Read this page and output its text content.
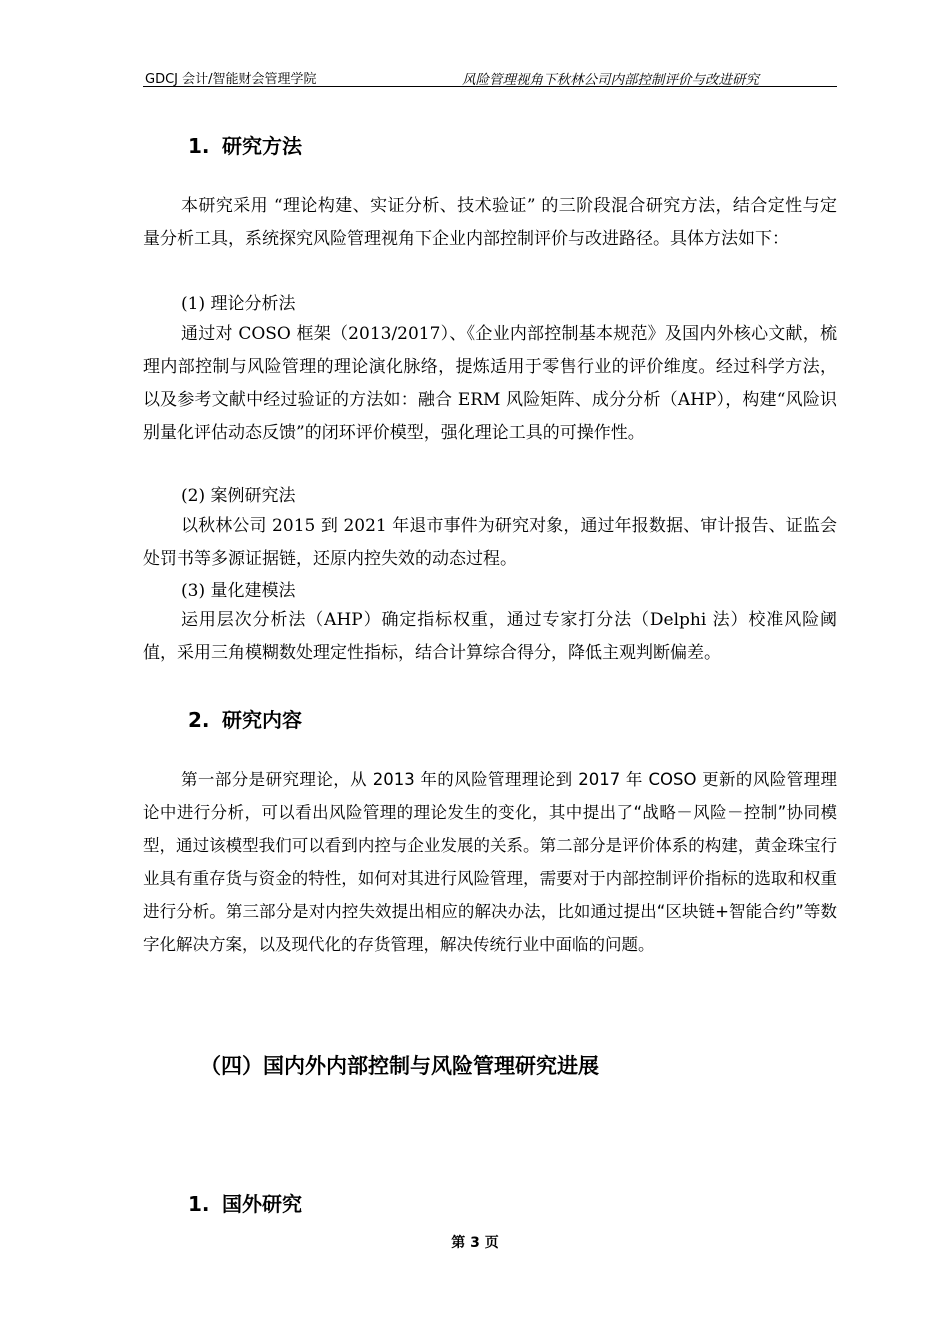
GDCJ 会计/智能财会管理学院	风险管理视角下秋林公司内部控制评价与改进研究
1. 研究方法
本研究采用 “理论构建、实证分析、技术验证” 的三阶段混合研究方法，结合定性与定量分析工具，系统探究风险管理视角下企业内部控制评价与改进路径。具体方法如下：
(1) 理论分析法
通过对 COSO 框架（2013/2017）、《企业内部控制基本规范》及国内外核心文献，梳理内部控制与风险管理的理论演化脉络，提炼适用于零售行业的评价维度。经过科学方法，以及参考文献中经过验证的方法如：融合 ERM 风险矩阵、成分分析（AHP），构建“风险识别量化评估动态反馈”的闭环评价模型，强化理论工具的可操作性。
(2) 案例研究法
以秋林公司 2015 到 2021 年退市事件为研究对象，通过年报数据、审计报告、证监会处罚书等多源证据链，还原内控失效的动态过程。
(3) 量化建模法
运用层次分析法（AHP）确定指标权重，通过专家打分法（Delphi 法）校准风险阈值，采用三角模糊数处理定性指标，结合计算综合得分，降低主观判断偏差。
2. 研究内容
第一部分是研究理论，从 2013 年的风险管理理论到 2017 年 COSO 更新的风险管理理论中进行分析，可以看出风险管理的理论发生的变化，其中提出了“战略－风险－控制”协同模型，通过该模型我们可以看到内控与企业发展的关系。第二部分是评价体系的构建，黄金珠宝行业具有重存货与资金的特性，如何对其进行风险管理，需要对于内部控制评价指标的选取和权重进行分析。第三部分是对内控失效提出相应的解决办法，比如通过提出“区块链+智能合约”等数字化解决方案，以及现代化的存货管理，解决传统行业中面临的问题。
（四）国内外内部控制与风险管理研究进展
1. 国外研究
第 3 页
